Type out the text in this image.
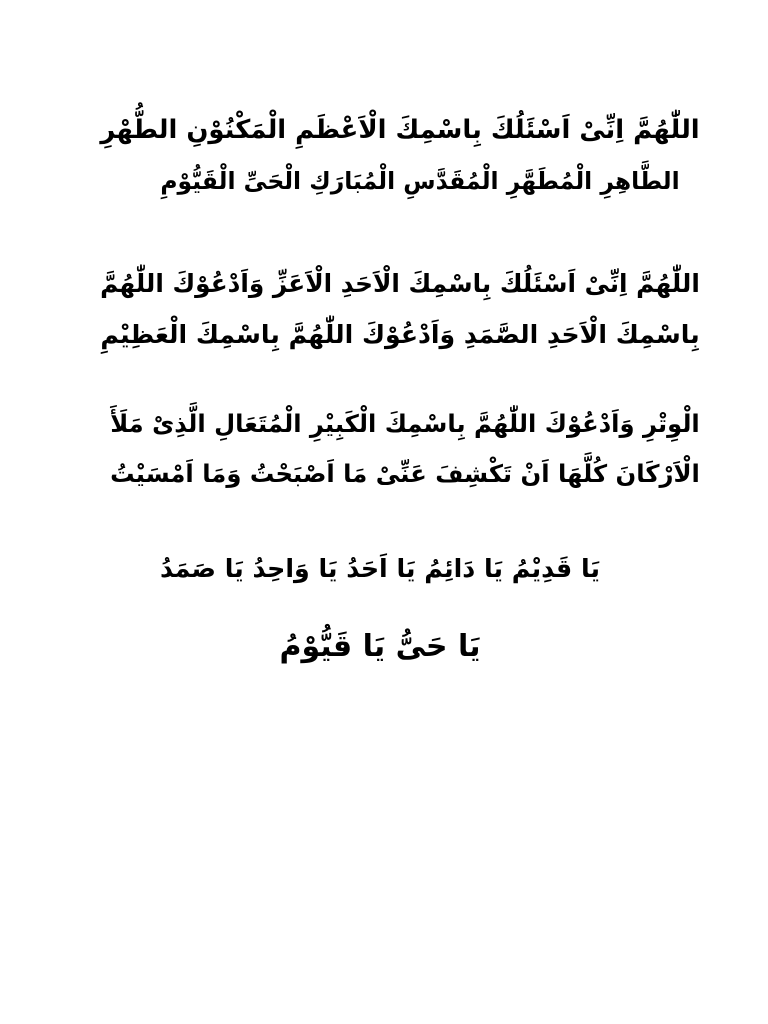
اللّٰهُمَّ اِنِّیْ اَسْئَلُكَ بِاسْمِكَ الْاَعْظَمِ الْمَكْنُوْنِ الطُّهْرِ
الطَّاهِرِ الْمُطَهَّرِ الْمُقَدَّسِ الْمُبَارَكِ الْحَیِّ الْقَیُّوْمِ
اللّٰهُمَّ اِنِّیْ اَسْئَلُكَ بِاسْمِكَ الْاَحَدِ الْاَعَزِّ وَاَدْعُوْكَ اللّٰهُمَّ
بِاسْمِكَ الْاَحَدِ الصَّمَدِ وَاَدْعُوْكَ اللّٰهُمَّ بِاسْمِكَ الْعَظِيْمِ
الْوِتْرِ وَاَدْعُوْكَ اللّٰهُمَّ بِاسْمِكَ الْكَبِيْرِ الْمُتَعَالِ الَّذِیْ مَلَأَ
الْاَرْكَانَ كُلَّهَا اَنْ تَكْشِفَ عَنِّیْ مَا اَصْبَحْتُ وَمَا اَمْسَيْتُ
يَا قَدِيْمُ يَا دَائِمُ يَا اَحَدُ يَا وَاحِدُ يَا صَمَدُ
يَا حَیُّ يَا قَيُّوْمُ
